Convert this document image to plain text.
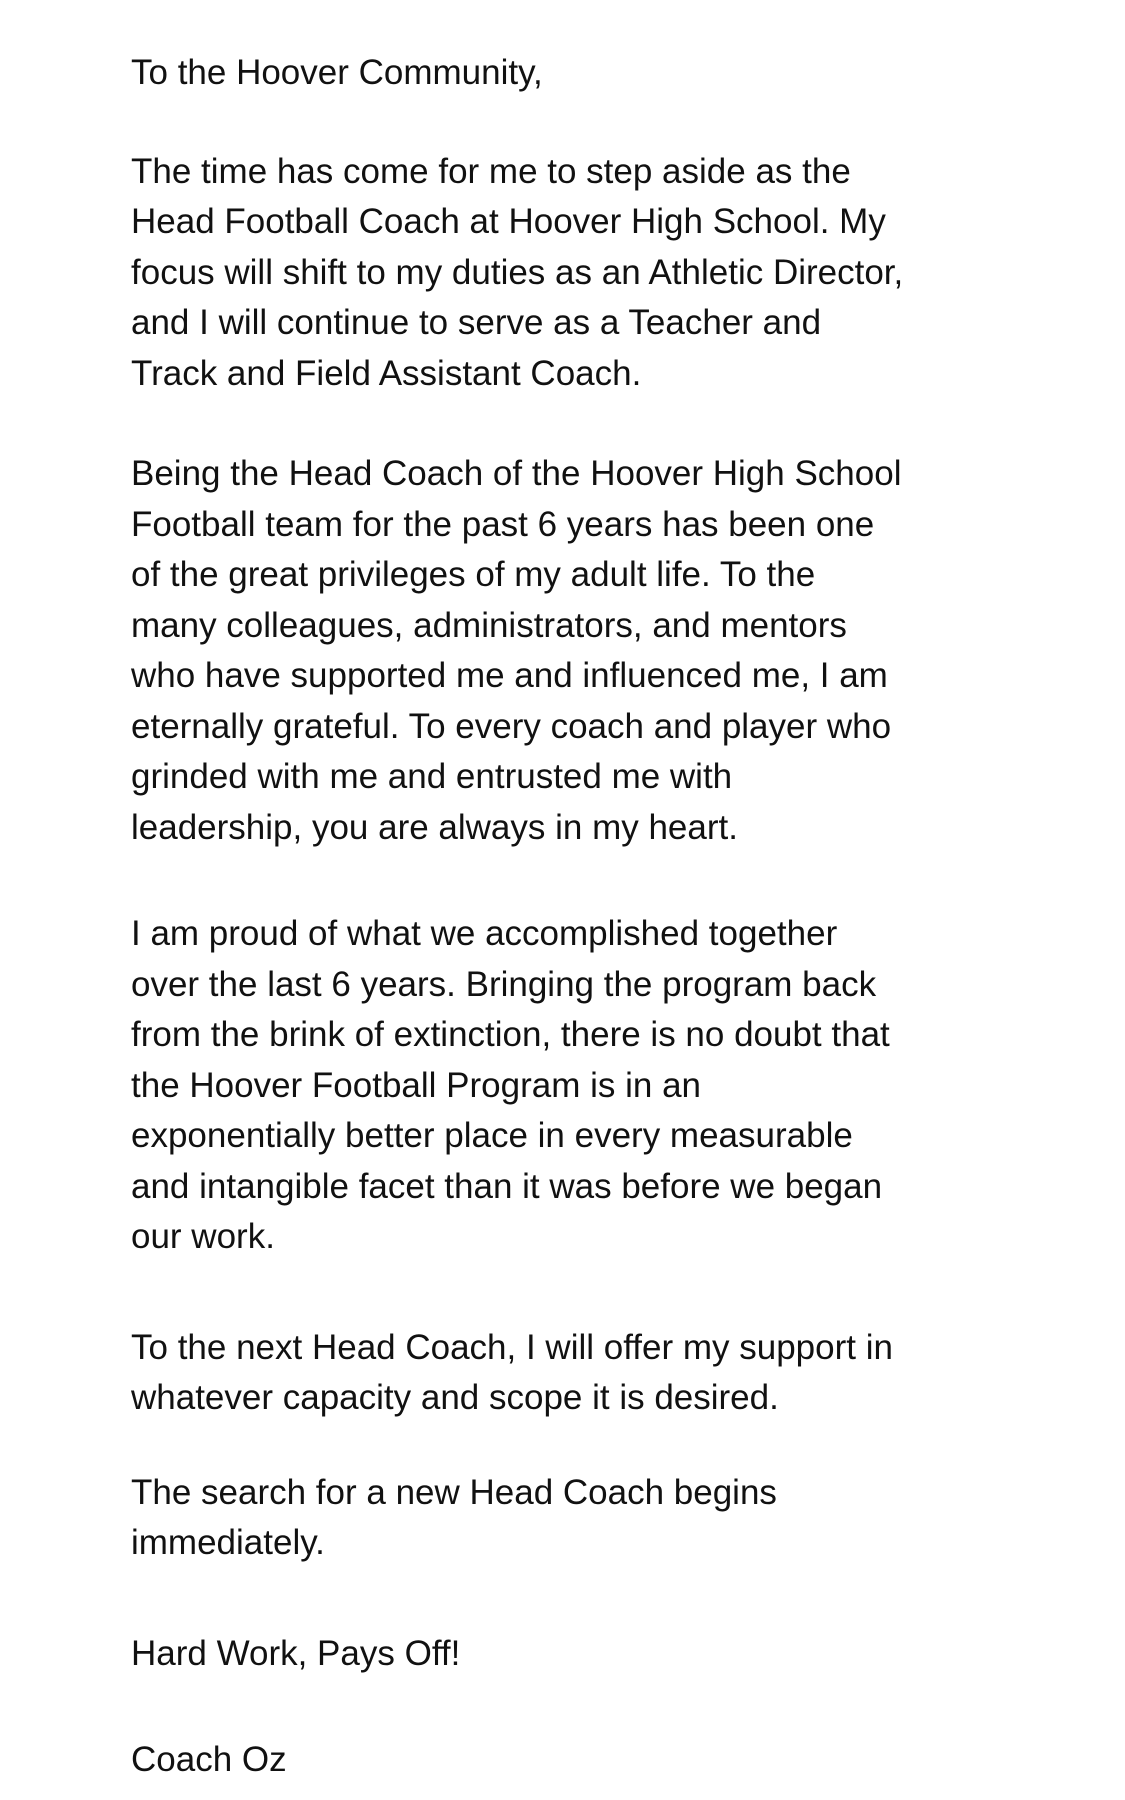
To the Hoover Community,

The time has come for me to step aside as the

Head Football Coach at Hoover High School. My

focus will shift to my duties as an Athletic Director,

and I will continue to serve as a Teacher and

Track and Field Assistant Coach.

Being the Head Coach of the Hoover High School

Football team for the past 6 years has been one

of the great privileges of my adult life. To the

many colleagues, administrators, and mentors

who have supported me and influenced me, I am

eternally grateful. To every coach and player who

grinded with me and entrusted me with

leadership, you are always in my heart.

I am proud of what we accomplished together

over the last 6 years. Bringing the program back

from the brink of extinction, there is no doubt that

the Hoover Football Program is in an

exponentially better place in every measurable

and intangible facet than it was before we began

our work.

To the next Head Coach, I will offer my support in

whatever capacity and scope it is desired.

The search for a new Head Coach begins

immediately.

Hard Work, Pays Off!

Coach Oz
